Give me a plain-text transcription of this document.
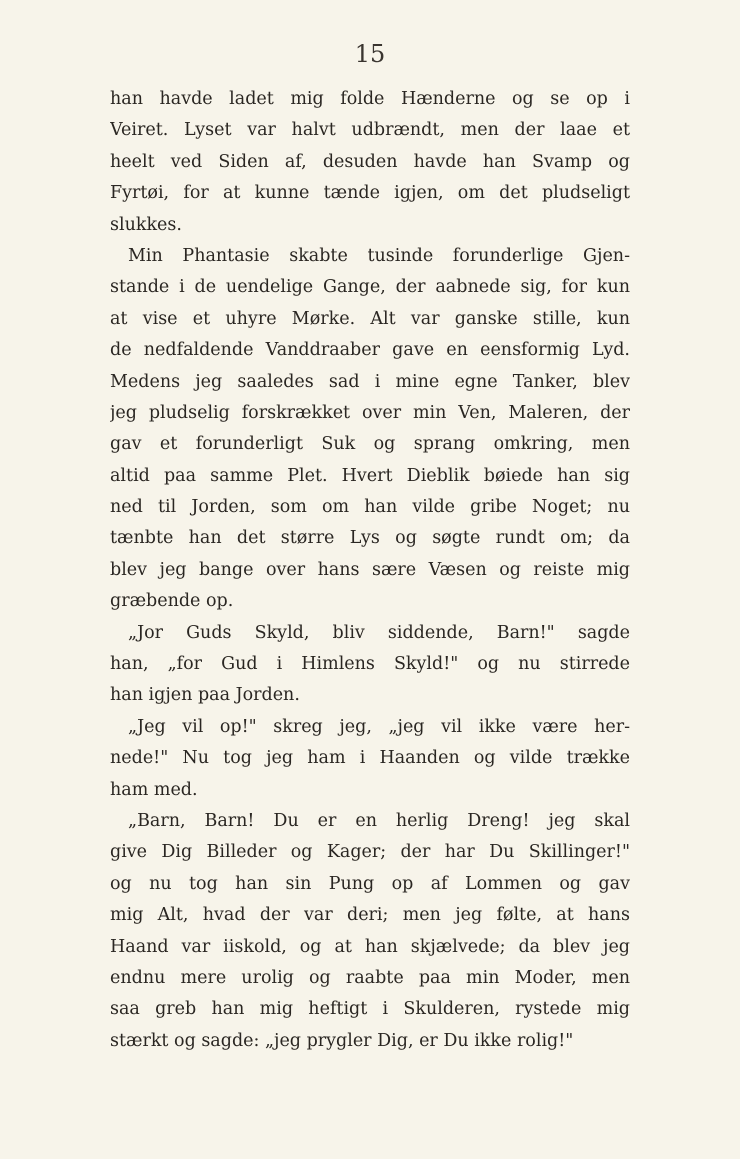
15
han havde ladet mig folde Hænderne og se op i
Veiret. Lyset var halvt udbrændt, men der laae et
heelt ved Siden af, desuden havde han Svamp og
Fyrtøi, for at kunne tænde igjen, om det pludseligt
slukkes.
Min Phantasie skabte tusinde forunderlige Gjen-
stande i de uendelige Gange, der aabnede sig, for kun
at vise et uhyre Mørke. Alt var ganske stille, kun
de nedfaldende Vanddraaber gave en eensformig Lyd.
Medens jeg saaledes sad i mine egne Tanker, blev
jeg pludselig forskrækket over min Ven, Maleren, der
gav et forunderligt Suk og sprang omkring, men
altid paa samme Plet. Hvert Dieblik bøiede han sig
ned til Jorden, som om han vilde gribe Noget; nu
tænbte han det større Lys og søgte rundt om; da
blev jeg bange over hans sære Væsen og reiste mig
græbende op.
„Jor Guds Skyld, bliv siddende, Barn!" sagde
han, „for Gud i Himlens Skyld!" og nu stirrede
han igjen paa Jorden.
„Jeg vil op!" skreg jeg, „jeg vil ikke være her-
nede!" Nu tog jeg ham i Haanden og vilde trække
ham med.
„Barn, Barn! Du er en herlig Dreng! jeg skal
give Dig Billeder og Kager; der har Du Skillinger!"
og nu tog han sin Pung op af Lommen og gav
mig Alt, hvad der var deri; men jeg følte, at hans
Haand var iiskold, og at han skjælvede; da blev jeg
endnu mere urolig og raabte paa min Moder, men
saa greb han mig heftigt i Skulderen, rystede mig
stærkt og sagde: „jeg prygler Dig, er Du ikke rolig!"
